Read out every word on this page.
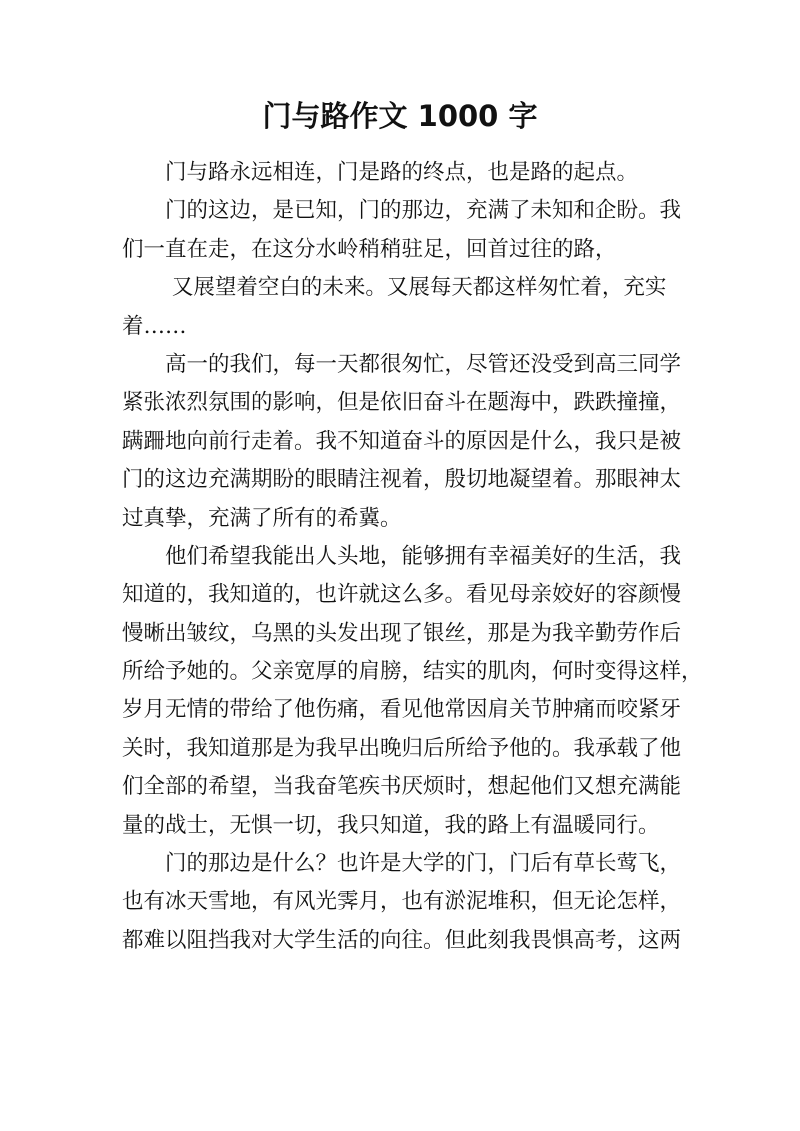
门与路作文 1000 字
　　门与路永远相连，门是路的终点，也是路的起点。
　　门的这边，是已知，门的那边，充满了未知和企盼。我
们一直在走，在这分水岭稍稍驻足，回首过往的路，
　　 又展望着空白的未来。又展每天都这样匆忙着，充实
着……
　　高一的我们，每一天都很匆忙，尽管还没受到高三同学
紧张浓烈氛围的影响，但是依旧奋斗在题海中，跌跌撞撞，
蹒跚地向前行走着。我不知道奋斗的原因是什么，我只是被
门的这边充满期盼的眼睛注视着，殷切地凝望着。那眼神太
过真挚，充满了所有的希冀。
　　他们希望我能出人头地，能够拥有幸福美好的生活，我
知道的，我知道的，也许就这么多。看见母亲姣好的容颜慢
慢晰出皱纹，乌黑的头发出现了银丝，那是为我辛勤劳作后
所给予她的。父亲宽厚的肩膀，结实的肌肉，何时变得这样，
岁月无情的带给了他伤痛，看见他常因肩关节肿痛而咬紧牙
关时，我知道那是为我早出晚归后所给予他的。我承载了他
们全部的希望，当我奋笔疾书厌烦时，想起他们又想充满能
量的战士，无惧一切，我只知道，我的路上有温暖同行。
　　门的那边是什么？也许是大学的门，门后有草长莺飞，
也有冰天雪地，有风光霁月，也有淤泥堆积，但无论怎样，
都难以阻挡我对大学生活的向往。但此刻我畏惧高考，这两
